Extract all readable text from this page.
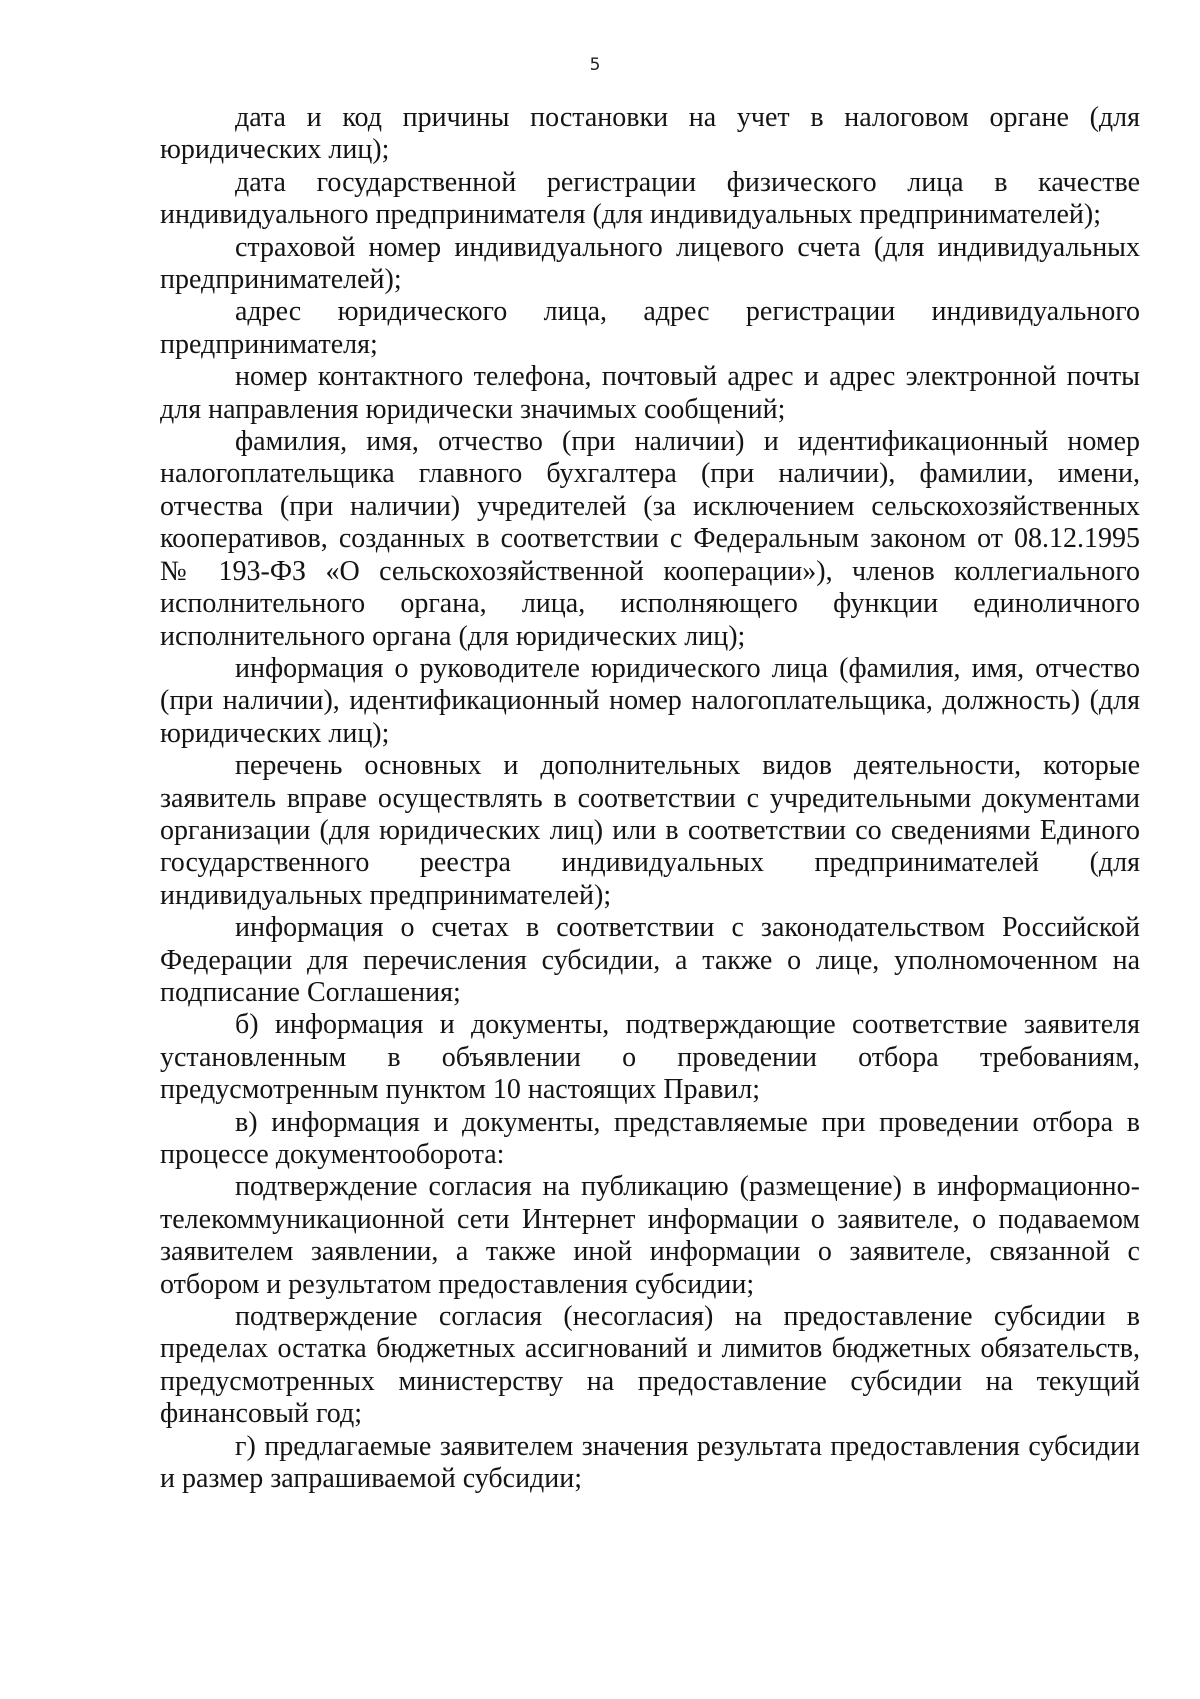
5

дата и код причины постановки на учет в налоговом органе (для юридических лиц);

дата государственной регистрации физического лица в качестве индивидуального предпринимателя (для индивидуальных предпринимателей);

страховой номер индивидуального лицевого счета (для индивидуальных предпринимателей);

адрес юридического лица, адрес регистрации индивидуального предпринимателя;

номер контактного телефона, почтовый адрес и адрес электронной почты для направления юридически значимых сообщений;

фамилия, имя, отчество (при наличии) и идентификационный номер налогоплательщика главного бухгалтера (при наличии), фамилии, имени, отчества (при наличии) учредителей (за исключением сельскохозяйственных кооперативов, созданных в соответствии с Федеральным законом от 08.12.1995 № 193-ФЗ «О сельскохозяйственной кооперации»), членов коллегиального исполнительного органа, лица, исполняющего функции единоличного исполнительного органа (для юридических лиц);

информация о руководителе юридического лица (фамилия, имя, отчество (при наличии), идентификационный номер налогоплательщика, должность) (для юридических лиц);

перечень основных и дополнительных видов деятельности, которые заявитель вправе осуществлять в соответствии с учредительными документами организации (для юридических лиц) или в соответствии со сведениями Единого государственного реестра индивидуальных предпринимателей (для индивидуальных предпринимателей);

информация о счетах в соответствии с законодательством Российской Федерации для перечисления субсидии, а также о лице, уполномоченном на подписание Соглашения;

б) информация и документы, подтверждающие соответствие заявителя установленным в объявлении о проведении отбора требованиям, предусмотренным пунктом 10 настоящих Правил;

в) информация и документы, представляемые при проведении отбора в процессе документооборота:

подтверждение согласия на публикацию (размещение) в информационно-телекоммуникационной сети Интернет информации о заявителе, о подаваемом заявителем заявлении, а также иной информации о заявителе, связанной с отбором и результатом предоставления субсидии;

подтверждение согласия (несогласия) на предоставление субсидии в пределах остатка бюджетных ассигнований и лимитов бюджетных обязательств, предусмотренных министерству на предоставление субсидии на текущий финансовый год;

г) предлагаемые заявителем значения результата предоставления субсидии и размер запрашиваемой субсидии;
